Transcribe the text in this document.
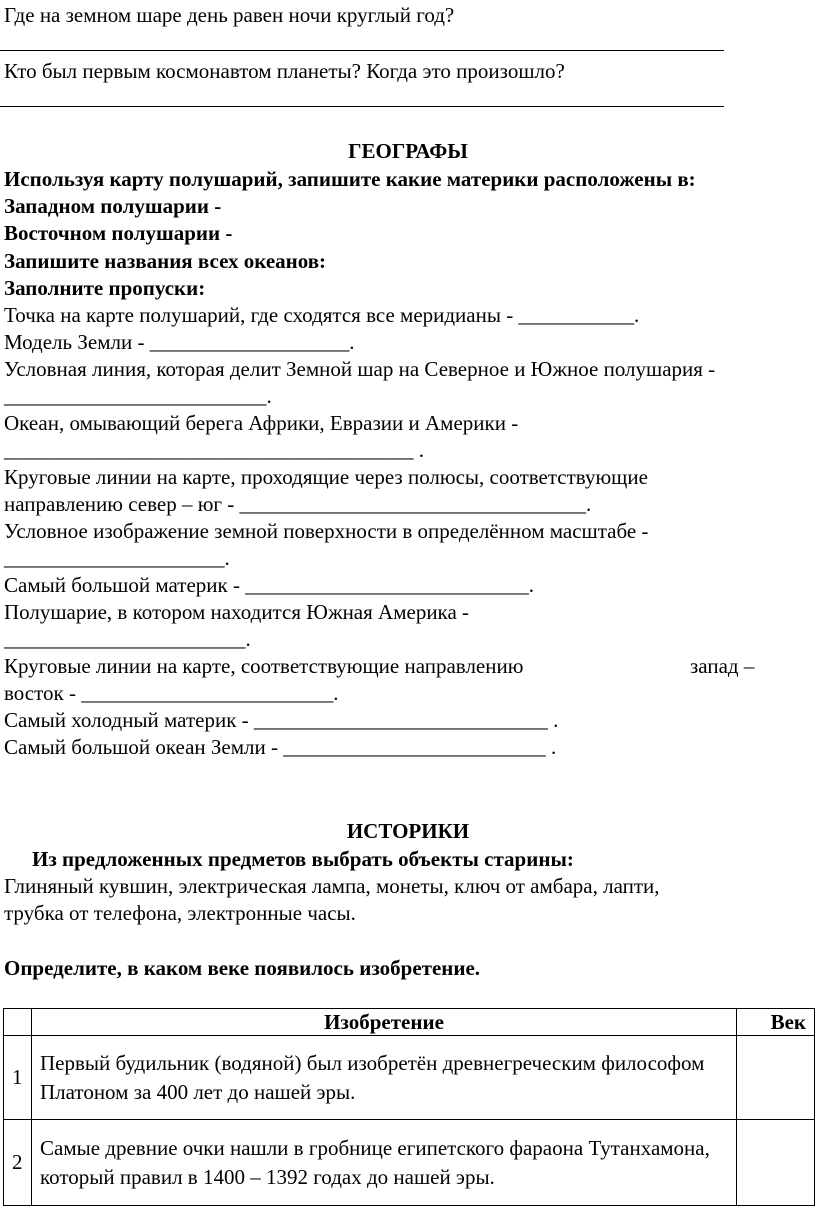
Где на земном шаре день равен ночи круглый год?
Кто был первым космонавтом планеты? Когда это произошло?
ГЕОГРАФЫ
Используя карту полушарий, запишите какие материки расположены в:
Западном полушарии -
Восточном полушарии -
Запишите названия всех океанов:
Заполните пропуски:
Точка на карте полушарий, где сходятся все меридианы - ___________.
Модель Земли - ___________________.
Условная линия, которая делит Земной шар на Северное и Южное полушария -
_________________________.
Океан, омывающий берега Африки, Евразии и Америки -
_______________________________________ .
Круговые линии на карте, проходящие через полюсы, соответствующие
направлению север – юг - _________________________________.
Условное изображение земной поверхности в определённом масштабе -
_____________________.
Самый большой материк - ___________________________.
Полушарие, в котором находится Южная Америка -
_______________________.
Круговые линии на карте, соответствующие направлению	запад –
восток - ________________________.
Самый холодный материк - ____________________________ .
Самый большой океан Земли - _________________________ .
ИСТОРИКИ
Из предложенных предметов выбрать объекты старины:
Глиняный кувшин, электрическая лампа, монеты, ключ от амбара, лапти,
трубка от телефона, электронные часы.
Определите, в каком веке появилось изобретение.
	Изобретение	Век
1	Первый будильник (водяной) был изобретён древнегреческим философом Платоном за 400 лет до нашей эры.	
2	Самые древние очки нашли в гробнице египетского фараона Тутанхамона, который правил в 1400 – 1392 годах до нашей эры.	
